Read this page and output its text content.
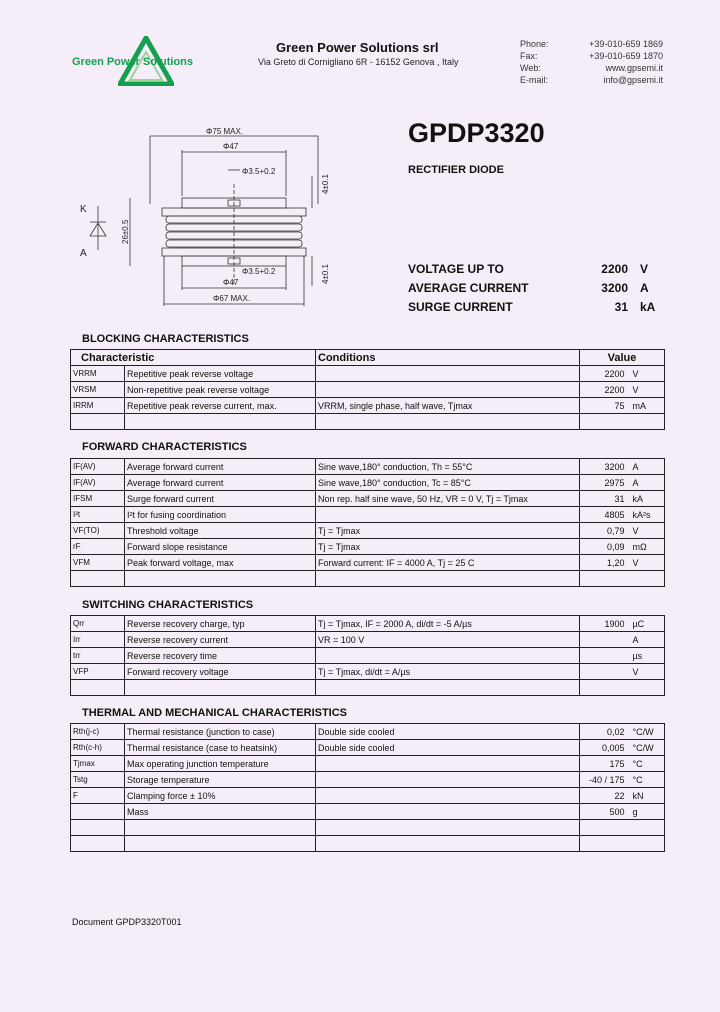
Green Power Solutions
Green Power Solutions srl
Via Greto di Cornigliano 6R - 16152 Genova , Italy
Phone:	+39-010-659 1869
Fax:	+39-010-659 1870
Web:	www.gpsemi.it
E-mail:	info@gpsemi.it
GPDP3320
RECTIFIER DIODE
VOLTAGE UP TO	2200 V
AVERAGE CURRENT	3200 A
SURGE CURRENT	31 kA
Φ75 MAX.
Φ47
Φ3.5+0.2
4±0.1
26±0.5
Φ3.5+0.2	4±0.1
Φ47
Φ67 MAX.
K
A
BLOCKING CHARACTERISTICS
FORWARD CHARACTERISTICS
SWITCHING CHARACTERISTICS
THERMAL AND MECHANICAL CHARACTERISTICS
Characteristic		Conditions	Value	
VRRM	Repetitive peak reverse voltage		2200	V
VRSM	Non-repetitive peak reverse voltage		2200	V
IRRM	Repetitive peak reverse current, max.	VRRM, single phase, half wave, Tjmax	75	mA

IF(AV)	Average forward current	Sine wave,180° conduction, Th = 55°C	3200	A
IF(AV)	Average forward current	Sine wave,180° conduction, Tc = 85°C	2975	A
IFSM	Surge forward current	Non rep. half sine wave, 50 Hz, VR = 0 V, Tj = Tjmax	31	kA
I²t	I²t for fusing coordination		4805	kA²s
VF(TO)	Threshold voltage	Tj = Tjmax	0,79	V
rF	Forward slope resistance	Tj = Tjmax	0,09	mΩ
VFM	Peak forward voltage, max	Forward current: IF = 4000 A, Tj = 25 C	1,20	V

Qrr	Reverse recovery charge, typ	Tj = Tjmax, IF = 2000 A, di/dt = -5 A/µs	1900	µC
Irr	Reverse recovery current	VR = 100 V		A
trr	Reverse recovery time			µs
VFP	Forward recovery voltage	Tj = Tjmax, di/dt = A/µs		V

Rth(j-c)	Thermal resistance (junction to case)	Double side cooled	0,02	°C/W
Rth(c-h)	Thermal resistance (case to heatsink)	Double side cooled	0,005	°C/W
Tjmax	Max operating junction temperature		175	°C
Tstg	Storage temperature		-40 / 175	°C
F	Clamping force ± 10%		22	kN
	Mass		500	g

Document GPDP3320T001
